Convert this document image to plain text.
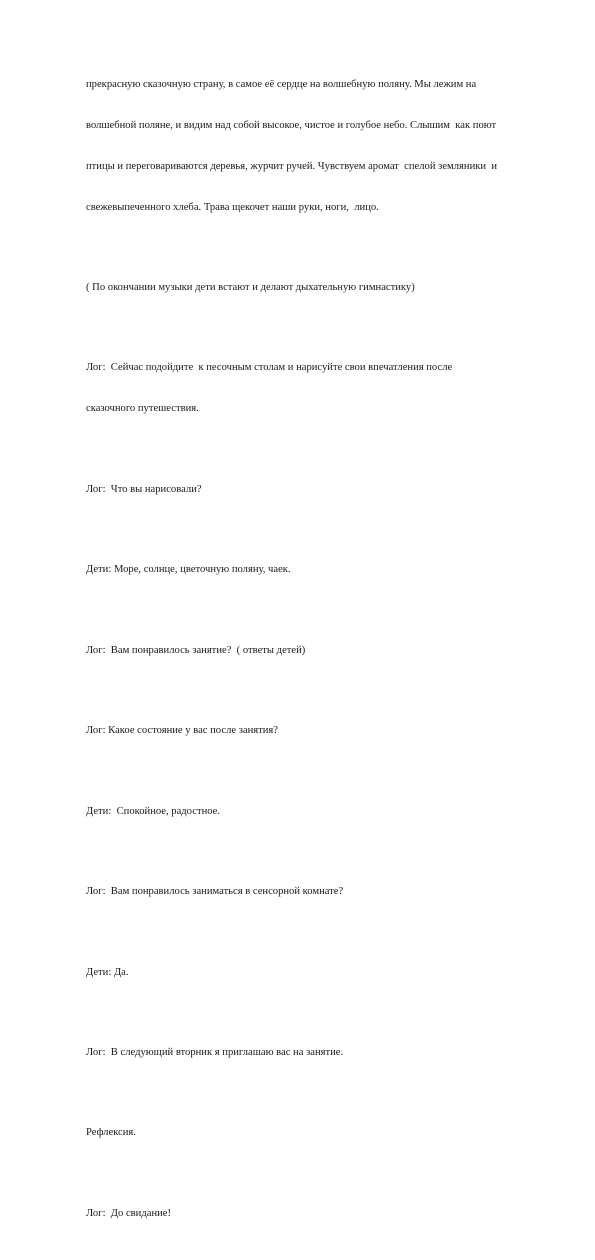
прекрасную сказочную страну, в самое её сердце на волшебную поляну. Мы лежим на

волшебной поляне, и видим над собой высокое, чистое и голубое небо. Слышим  как поют

птицы и переговариваются деревья, журчит ручей. Чувствуем аромат  спелой земляники  и

свежевыпеченного хлеба. Трава щекочет наши руки, ноги,  лицо.

( По окончании музыки дети встают и делают дыхательную гимнастику)

Лог:  Сейчас подойдите  к песочным столам и нарисуйте свои впечатления после

сказочного путешествия.

Лог:  Что вы нарисовали?

Дети: Море, солнце, цветочную поляну, чаек.

Лог:  Вам понравилось занятие?  ( ответы детей)

Лог: Какое состояние у вас после занятия?

Дети:  Спокойное, радостное.

Лог:  Вам понравилось заниматься в сенсорной комнате?

Дети: Да.

Лог:  В следующий вторник я приглашаю вас на занятие.

Рефлексия.

Лог:  До свидание!
